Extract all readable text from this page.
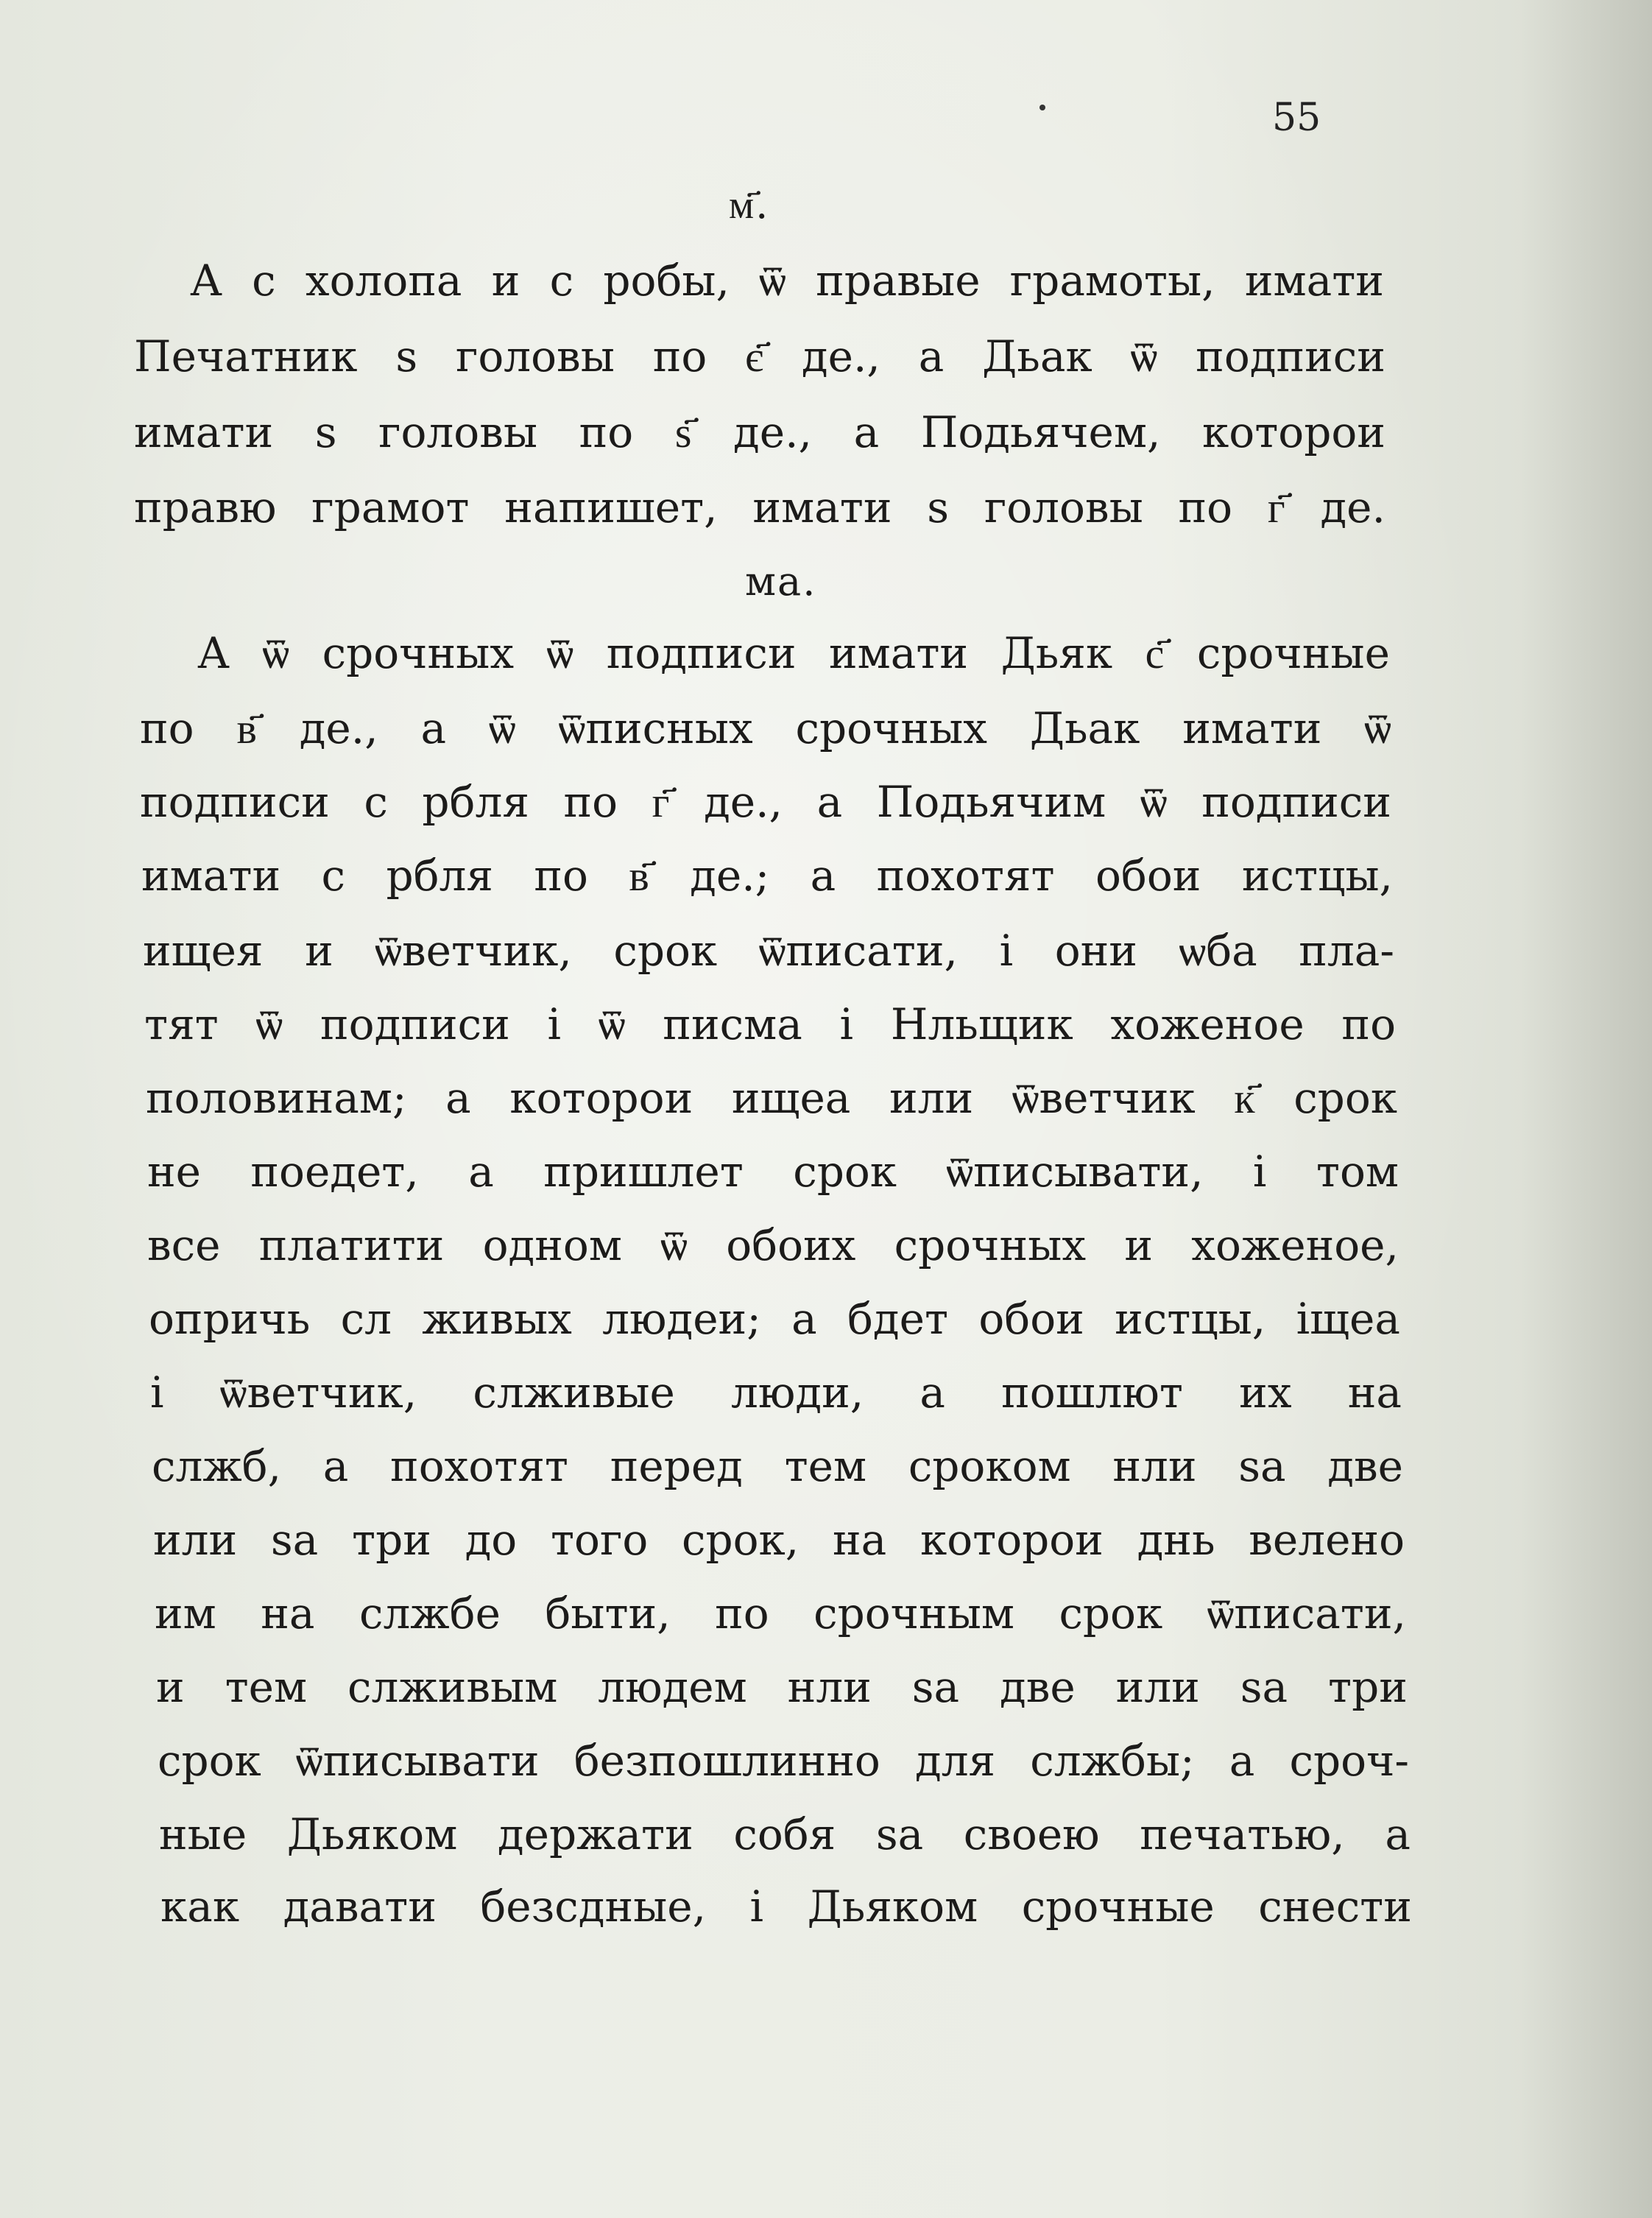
55
м҃.
А с холопа и с робы, ѿ правые грамоты, имати
Печатник ѕ головы по є҃ де., а Дьак ѿ подписи
имати ѕ головы по ѕ҃ де., а Подьячем, которои
правю грамот напишет, имати ѕ головы по г҃ де.
ма.
А ѿ срочных ѿ подписи имати Дьяк с҃ срочные
по в҃ де., а ѿ ѿписных срочных Дьак имати ѿ
подписи с рбля по г҃ де., а Подьячим ѿ подписи
имати с рбля по в҃ де.; а похотят обои истцы,
ищея и ѿветчик, срок ѿписати, і они ѡба пла-
тят ѿ подписи і ѿ писма і Нльщик хоженое по
половинам; а которои ищеа или ѿветчик к҃ срок
не поедет, а пришлет срок ѿписывати, і том
все платити одном ѿ обоих срочных и хоженое,
опричь сл живых людеи; а бдет обои истцы, іщеа
і ѿветчик, слживые люди, а пошлют их на
слжб, а похотят перед тем сроком нли ѕа две
или ѕа три до того срок, на которои днь велено
им на слжбе быти, по срочным срок ѿписати,
и тем слживым людем нли ѕа две или ѕа три
срок ѿписывати безпошлинно для слжбы; а сроч-
ные Дьяком держати собя ѕа своею печатью, а
как давати безсдные, і Дьяком срочные снести
